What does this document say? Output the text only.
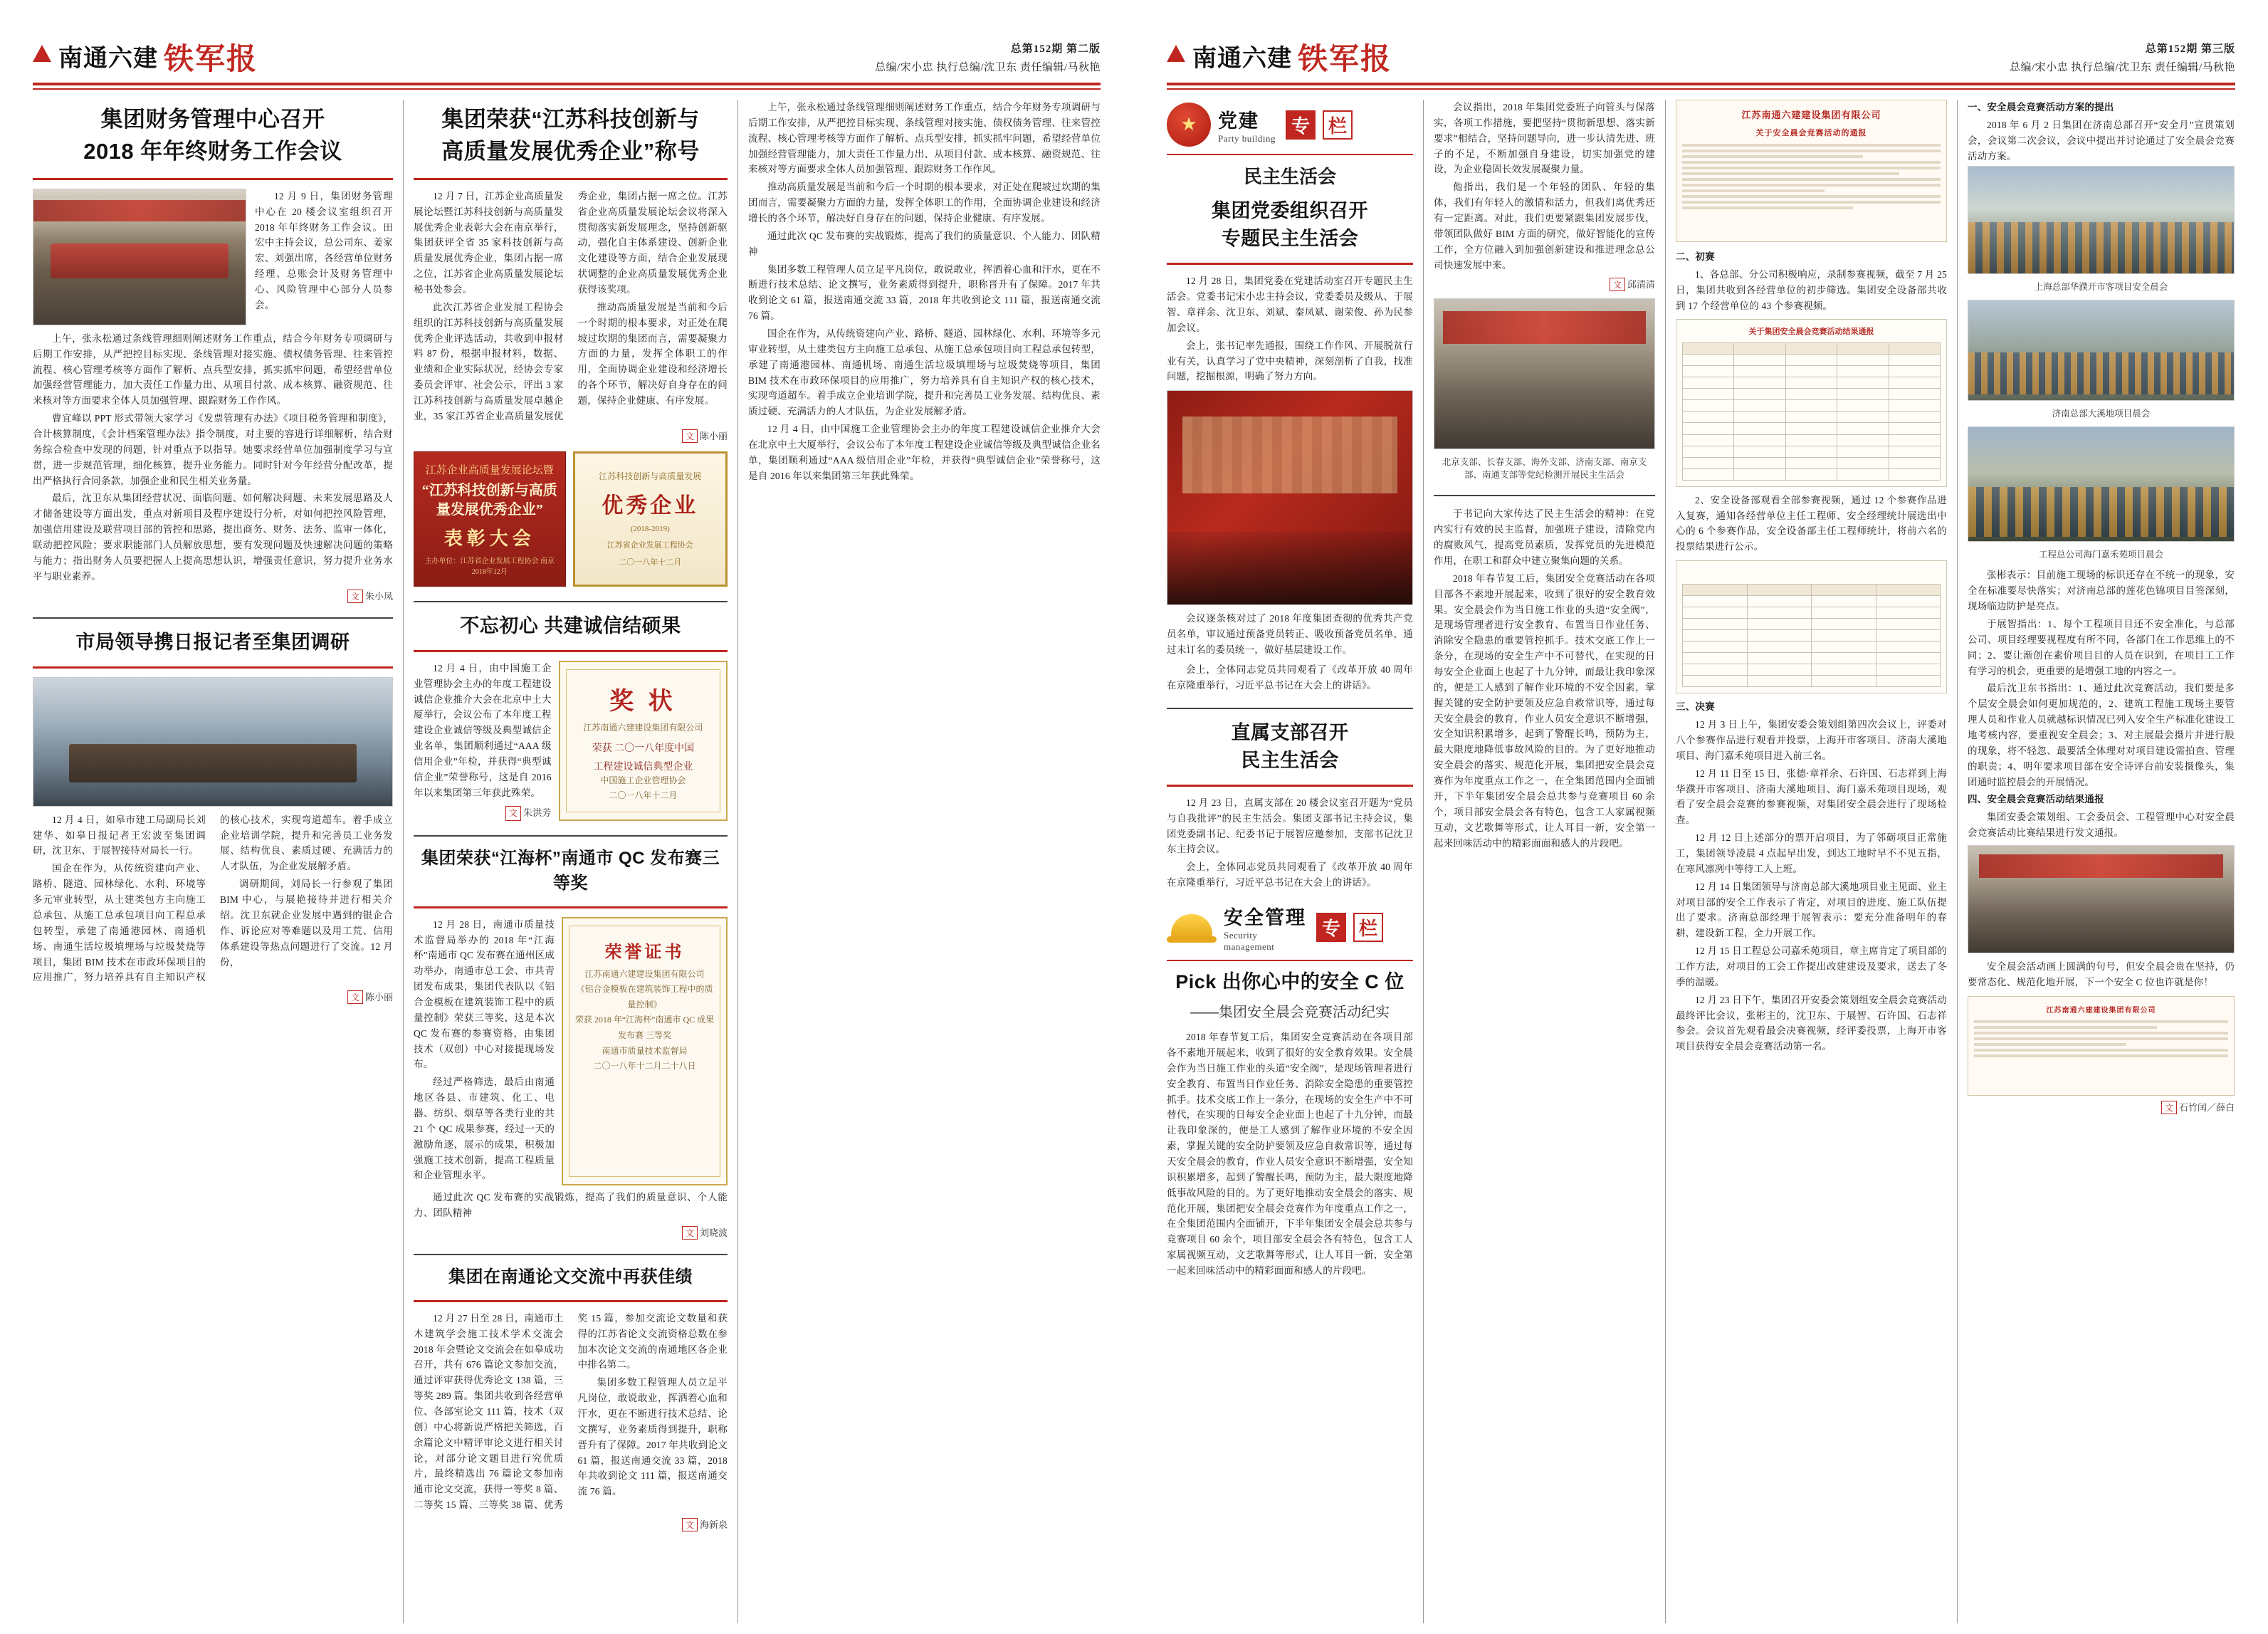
南通六建 铁军报	总第152期 第二版
总编/宋小忠 执行总编/沈卫东 责任编辑/马秋艳
集团财务管理中心召开
2018 年年终财务工作会议

12 月 9 日，集团财务管理中心在 20 楼会议室组织召开 2018 年年终财务工作会议。田宏中主持会议，总公司东、姜家宏、刘强出席，各经营单位财务经理、总账会计及财务管理中心、风险管理中心部分人员参会。

上午，张永松通过条线管理细则阐述财务工作重点，结合今年财务专项调研与后期工作安排，从严把控目标实现、条线管理对接实施、债权债务管理、往来管控流程、核心管理考核等方面作了解析、点兵型安排，抓实抓牢问题，希望经营单位加强经营管理能力，加大责任工作量力出、从项目付款、成本核算、融资规范、往来核对等方面要求全体人员加强管理、跟踪财务工作作风。

曹宜峰以 PPT 形式带领大家学习《发票管理有办法》《项目税务管理和制度》，合计核算制度，《会计档案管理办法》指令制度，对主要的容进行详细解析，结合财务综合检查中发现的问题，针对重点予以指导。她要求经营单位加强制度学习与宣贯，进一步规范管理，细化核算，提升业务能力。同时针对今年经营分配改革，提出严格执行合同条款，加强企业和民生相关业务量。

最后，沈卫东从集团经营状况、面临问题、如何解决问题、未来发展思路及人才储备建设等方面出发，重点对新项目及程序建设行分析，对如何把控风险管理，加强信用建设及联营项目部的管控和思路，提出商务、财务、法务、监审一体化，联动把控风险；要求职能部门人员解放思想，要有发现问题及快速解决问题的策略与能力；指出财务人员要把握人上提高思想认识，增强责任意识，努力提升业务水平与职业素养。

文 朱小凤
市局领导携日报记者至集团调研

12 月 4 日，如皋市建工局副局长刘建华、如皋日报记者王宏波至集团调研，沈卫东、于展智接待对局长一行。

国企在作为，从传统资建向产业、路桥、隧道、园林绿化、水利、环境等多元审业转型，从土建类包方主向施工总承包、从施工总承包项目向工程总承包转型，承建了南通港园林、南通机场、南通生活垃圾填埋场与垃圾焚烧等项目，集团 BIM 技术在市政环保项目的应用推广，努力培养具有自主知识产权的核心技术，实现弯道超车。着手成立企业培训学院，提升和完善员工业务发展、结构优良、素质过硬、充满活力的人才队伍，为企业发展解矛盾。

调研期间，刘局长一行参观了集团 BIM 中心，与展艳接待并进行相关介绍。沈卫东就企业发展中遇到的银企合作、诉论应对等难题以及用工荒、信用体系建设等热点问题进行了交流。12 月份，

文 陈小丽
集团荣获“江苏科技创新与
高质量发展优秀企业”称号

12 月 7 日，江苏企业高质量发展论坛暨江苏科技创新与高质量发展优秀企业表彰大会在南京举行，集团获评全省 35 家科技创新与高质量发展优秀企业，集团占据一席之位，江苏省企业高质量发展论坛秘书处参会。

此次江苏省企业发展工程协会组织的江苏科技创新与高质量发展优秀企业评选活动，共收到申报材料 87 份，根据申报材料，数据、业绩和企业实际状况，经协会专家委员会评审、社会公示，评出 3 家江苏科技创新与高质量发展卓越企业，35 家江苏省企业高质量发展优秀企业，集团占据一席之位。江苏省企业高质量发展论坛会议将深入贯彻落实新发展理念，坚持创新驱动，强化自主体系建设、创新企业文化建设等方面，结合企业发展现状调整的企业高质量发展优秀企业获得该奖项。

推动高质量发展是当前和今后一个时期的根本要求，对正处在爬坡过坎期的集团而言，需要凝聚力方面的力量，发挥全体职工的作用，全面协调企业建设和经济增长的各个环节，解决好自身存在的问题，保持企业健康、有序发展。

文 陈小丽
江苏企业高质量发展论坛暨
“江苏科技创新与高质量发展优秀企业”
表彰大会
主办单位：江苏省企业发展工程协会 南京 2018年12月
江苏科技创新与高质量发展
优秀企业
(2018-2019)
江苏省企业发展工程协会
二〇一八年十二月
不忘初心 共建诚信结硕果

12 月 4 日，由中国施工企业管理协会主办的年度工程建设诚信企业推介大会在北京中土大厦举行，会议公布了本年度工程建设企业诚信等级及典型诚信企业名单，集团顺利通过“AAA 级信用企业”年检，并获得“典型诚信企业”荣誉称号，这是自 2016 年以来集团第三年获此殊荣。

文 朱洪芳
奖 状
江苏南通六建建设集团有限公司
荣获 二〇一八年度中国
工程建设诚信典型企业
中国施工企业管理协会
二〇一八年十二月
集团荣获“江海杯”南通市 QC 发布赛三等奖

12 月 28 日，南通市质量技术监督局举办的 2018 年“江海杯”南通市 QC 发布赛在通州区成功举办，南通市总工会、市共青团发布成果，集团代表队以《铝合金模板在建筑装饰工程中的质量控制》荣获三等奖，这是本次 QC 发布赛的参赛资格，由集团技术（双创）中心对接提现场发布。

经过严格筛选，最后由南通地区各县、市建筑、化工、电器、纺织、烟草等各类行业的共 21 个 QC 成果参赛，经过一天的激励角逐，展示的成果，积极加强施工技术创新，提高工程质量和企业管理水平。

荣誉证书
江苏南通六建建设集团有限公司
《铝合金模板在建筑装饰工程中的质量控制》
荣获 2018 年“江海杯”南通市 QC 成果发布赛 三等奖
南通市质量技术监督局
二〇一八年十二月二十八日

通过此次 QC 发布赛的实战锻炼，提高了我们的质量意识、个人能力、团队精神

文 刘晓波
集团在南通论文交流中再获佳绩

12 月 27 日至 28 日，南通市土木建筑学会施工技术学术交流会 2018 年会暨论文交流会在如皋成功召开，共有 676 篇论文参加交流，通过评审获得优秀论文 138 篇，三等奖 289 篇。集团共收到各经营单位、各部室论文 111 篇，技术（双创）中心将新说严格把关筛选，百余篇论文中精评审论文进行相关讨论，对部分论文题目进行究优质片，最终精选出 76 篇论文参加南通市论文交流，获得一等奖 8 篇、二等奖 15 篇、三等奖 38 篇、优秀奖 15 篇，参加交流论文数量和获得的江苏省论文交流资格总数在参加本次论文交流的南通地区各企业中排名第二。

集团多数工程管理人员立足平凡岗位，敢说敢业，挥洒着心血和汗水，更在不断进行技术总结、论文撰写，业务素质得到提升，职称晋升有了保障。2017 年共收到论文 61 篇，报送南通交流 33 篇，2018 年共收到论文 111 篇，报送南通交流 76 篇。

文 海新泉

上午，张永松通过条线管理细则阐述财务工作重点，结合今年财务专项调研与后期工作安排，从严把控目标实现、条线管理对接实施、债权债务管理、往来管控流程、核心管理考核等方面作了解析、点兵型安排，抓实抓牢问题，希望经营单位加强经营管理能力，加大责任工作量力出、从项目付款、成本核算、融资规范、往来核对等方面要求全体人员加强管理、跟踪财务工作作风。

推动高质量发展是当前和今后一个时期的根本要求，对正处在爬坡过坎期的集团而言，需要凝聚力方面的力量，发挥全体职工的作用，全面协调企业建设和经济增长的各个环节，解决好自身存在的问题，保持企业健康、有序发展。

通过此次 QC 发布赛的实战锻炼，提高了我们的质量意识、个人能力、团队精神

集团多数工程管理人员立足平凡岗位，敢说敢业，挥洒着心血和汗水，更在不断进行技术总结、论文撰写，业务素质得到提升，职称晋升有了保障。2017 年共收到论文 61 篇，报送南通交流 33 篇，2018 年共收到论文 111 篇，报送南通交流 76 篇。

国企在作为，从传统资建向产业、路桥、隧道、园林绿化、水利、环境等多元审业转型，从土建类包方主向施工总承包、从施工总承包项目向工程总承包转型，承建了南通港园林、南通机场、南通生活垃圾填埋场与垃圾焚烧等项目，集团 BIM 技术在市政环保项目的应用推广，努力培养具有自主知识产权的核心技术，实现弯道超车。着手成立企业培训学院，提升和完善员工业务发展、结构优良、素质过硬、充满活力的人才队伍，为企业发展解矛盾。

12 月 4 日，由中国施工企业管理协会主办的年度工程建设诚信企业推介大会在北京中土大厦举行，会议公布了本年度工程建设企业诚信等级及典型诚信企业名单，集团顺利通过“AAA 级信用企业”年检，并获得“典型诚信企业”荣誉称号，这是自 2016 年以来集团第三年获此殊荣。

南通六建 铁军报	总第152期 第三版
总编/宋小忠 执行总编/沈卫东 责任编辑/马秋艳
★ 党建
Party building
专	栏
民主生活会
集团党委组织召开
专题民主生活会

12 月 28 日，集团党委在党建活动室召开专题民主生活会。党委书记宋小忠主持会议，党委委员及级从、于展智、章祥余、沈卫东、刘斌、秦凤斌、谢荣俊、孙为民参加会议。

会上，张书记率先通报，围绕工作作风、开展脱贫行业有关，认真学习了党中央精神，深刻剖析了自我，找准问题，挖掘根源，明确了努力方向。

会议逐条核对过了 2018 年度集团查彻的优秀共产党员名单，审议通过预备党员转正、吸收预备党员名单，通过未订名的委员统一，做好基层建设工作。

会上，全体同志党员共同观看了《改革开放 40 周年在京隆重举行，习近平总书记在大会上的讲话》。

直属支部召开
民主生活会

12 月 23 日，直属支部在 20 楼会议室召开题为“党员与自我批评”的民主生活会。集团支部书记主持会议，集团党委副书记、纪委书记于展智应邀参加，支部书记沈卫东主持会议。

会上，全体同志党员共同观看了《改革开放 40 周年在京隆重举行，习近平总书记在大会上的讲话》。

安全管理
Security
management
专	栏
Pick 出你心中的安全 C 位
——集团安全晨会竞赛活动纪实

2018 年春节复工后，集团安全竞赛活动在各项目部各不素地开展起来，收到了很好的安全教育效果。安全晨会作为当日施工作业的头道“安全阀”，是现场管理者进行安全教育、布置当日作业任务、消除安全隐患的重要管控抓手。技术交底工作上一条分，在现场的安全生产中不可替代，在实现的日每安全企业面上也起了十九分钟，而最让我印象深的，便是工人感到了解作业环境的不安全因素，掌握关键的安全防护要领及应急自救常识等，通过每天安全晨会的教育，作业人员安全意识不断增强，安全知识积累增多，起到了警醒长鸣，预防为主，最大限度地降低事故风险的目的。为了更好地推动安全晨会的落实、规范化开展，集团把安全晨会竞赛作为年度重点工作之一，在全集团范围内全面铺开，下半年集团安全晨会总共参与竞赛项目 60 余个，项目部安全晨会各有特色，包含工人家属视频互动，文艺歌舞等形式，让人耳目一新，安全第一起来回味活动中的精彩面面和感人的片段吧。

会议指出，2018 年集团党委班子向管头与保落实，各项工作措施，要把坚持“贯彻新思想、落实新要求”相结合，坚持问题导向，进一步认清先进、班子的不足，不断加强自身建设，切实加强党的建设，为企业稳固长效发展凝聚力量。

他指出，我们是一个年轻的团队、年轻的集体，我们有年轻人的激情和活力，但我们离优秀还有一定距离。对此，我们更要紧跟集团发展步伐，带领团队做好 BIM 方面的研究，做好智能化的宣传工作，全方位融入到加强创新建设和推进理念总公司快速发展中来。

文 邱清清
北京支部、长春支部、海外支部、济南支部、南京支部、南通支部等党纪检测开展民主生活会

于书记向大家传达了民主生活会的精神：在党内实行有效的民主监督，加强班子建设，清除党内的腐败风气，提高党员素质，发挥党员的先进模范作用，在职工和群众中建立聚集向题的关系。

2018 年春节复工后，集团安全竞赛活动在各项目部各不素地开展起来，收到了很好的安全教育效果。安全晨会作为当日施工作业的头道“安全阀”，是现场管理者进行安全教育、布置当日作业任务、消除安全隐患的重要管控抓手。技术交底工作上一条分，在现场的安全生产中不可替代，在实现的日每安全企业面上也起了十九分钟，而最让我印象深的，便是工人感到了解作业环境的不安全因素，掌握关键的安全防护要领及应急自救常识等，通过每天安全晨会的教育，作业人员安全意识不断增强，安全知识积累增多，起到了警醒长鸣，预防为主，最大限度地降低事故风险的目的。为了更好地推动安全晨会的落实、规范化开展，集团把安全晨会竞赛作为年度重点工作之一，在全集团范围内全面铺开，下半年集团安全晨会总共参与竞赛项目 60 余个，项目部安全晨会各有特色，包含工人家属视频互动，文艺歌舞等形式，让人耳目一新，安全第一起来回味活动中的精彩面面和感人的片段吧。

江苏南通六建建设集团有限公司
关于安全晨会竞赛活动的通报

二、初赛

1、各总部、分公司积极响应，录制参赛视频，截至 7 月 25 日，集团共收到各经营单位的初步筛选。集团安全设备部共收到 17 个经营单位的 43 个参赛视频。

关于集团安全晨会竞赛活动结果通报

2、安全设备部观看全部参赛视频，通过 12 个参赛作品进入复赛，通知各经营单位主任工程师、安全经理统计展选出中心的 6 个参赛作品，安全设备部主任工程师统计，将前六名的投票结果进行公示。

三、决赛

12 月 3 日上午，集团安委会策划组第四次会议上，评委对八个参赛作品进行观看并投票，上海开市客项目、济南大溪地项目、海门嘉禾苑项目进入前三名。

12 月 11 日至 15 日，张德·章祥余、石许国、石志祥到上海华濮开市客项目、济南大溪地项目、海门嘉禾苑项目现场，观看了安全晨会竞赛的参赛视频，对集团安全晨会进行了现场检查。

12 月 12 日上述部分的票开启项目，为了邻砺项目正常施工，集团领导凌晨 4 点起早出发，到达工地时早不不见五指，在寒风凛冽中等待工人上班。

12 月 14 日集团领导与济南总部大溪地项目业主见面、业主对项目部的安全工作表示了肯定，对项目的进度、施工队伍提出了要求。济南总部经理于展智表示：要充分准备明年的春耕，建设新工程，全力开展工作。

12 月 15 日工程总公司嘉禾苑项目，章主席肯定了项目部的工作方法，对项目的工会工作提出改建建设及要求，送去了冬季的温暖。

12 月 23 日下午，集团召开安委会策划组安全晨会竞赛活动最终评比会议，张彬主的，沈卫东、于展智、石许国、石志祥参会。会议首先观看最会决赛视频，经评委投票，上海开市客项目获得安全晨会竞赛活动第一名。

一、安全晨会竞赛活动方案的提出

2018 年 6 月 2 日集团在济南总部召开“安全月”宣贯策划会，会议第二次会议，会议中提出并讨论通过了安全晨会竞赛活动方案。

上海总部华濮开市客项目安全晨会
济南总部大溪地项目晨会
工程总公司海门嘉禾苑项目晨会

张彬表示：目前施工现场的标识还存在不统一的现象，安全在标准要尽快落实；对济南总部的莲花色锦项目目签深刻，现场临边防护是亮点。

于展智指出：1、每个工程项目目还不安全准化，与总部公司、项目经理要视程度有所不同，各部门在工作思维上的不同；2、要让渐创在素价项目目的人员在识到，在项目工工作有学习的机会，更重要的是增强工地的内容之一。

最后沈卫东书指出：1、通过此次竞赛活动，我们要是多个层安全晨会如何更加规范的，2、建筑工程施工现场主要管理人员和作业人员就越标识情况已列入安全生产标准化建设工地考核内容，要重视安全晨会；3、对主展最会摄片并进行股的现象，将不轻忽、最要活全体理对对项目建设需拍查、管理的职责；4、明年要求项目部在安全诗评台前安装摄像头，集团通时监控晨会的开展情况。

四、安全晨会竞赛活动结果通报

集团安委会策划组、工会委员会、工程管理中心对安全晨会竞赛活动比赛结果进行发文通报。

安全晨会活动画上圆满的句号，但安全晨会贵在坚持，仍要常态化、规范化地开展，下一个安全 C 位也许就是你！

江苏南通六建建设集团有限公司
文 石竹闰／薛白
